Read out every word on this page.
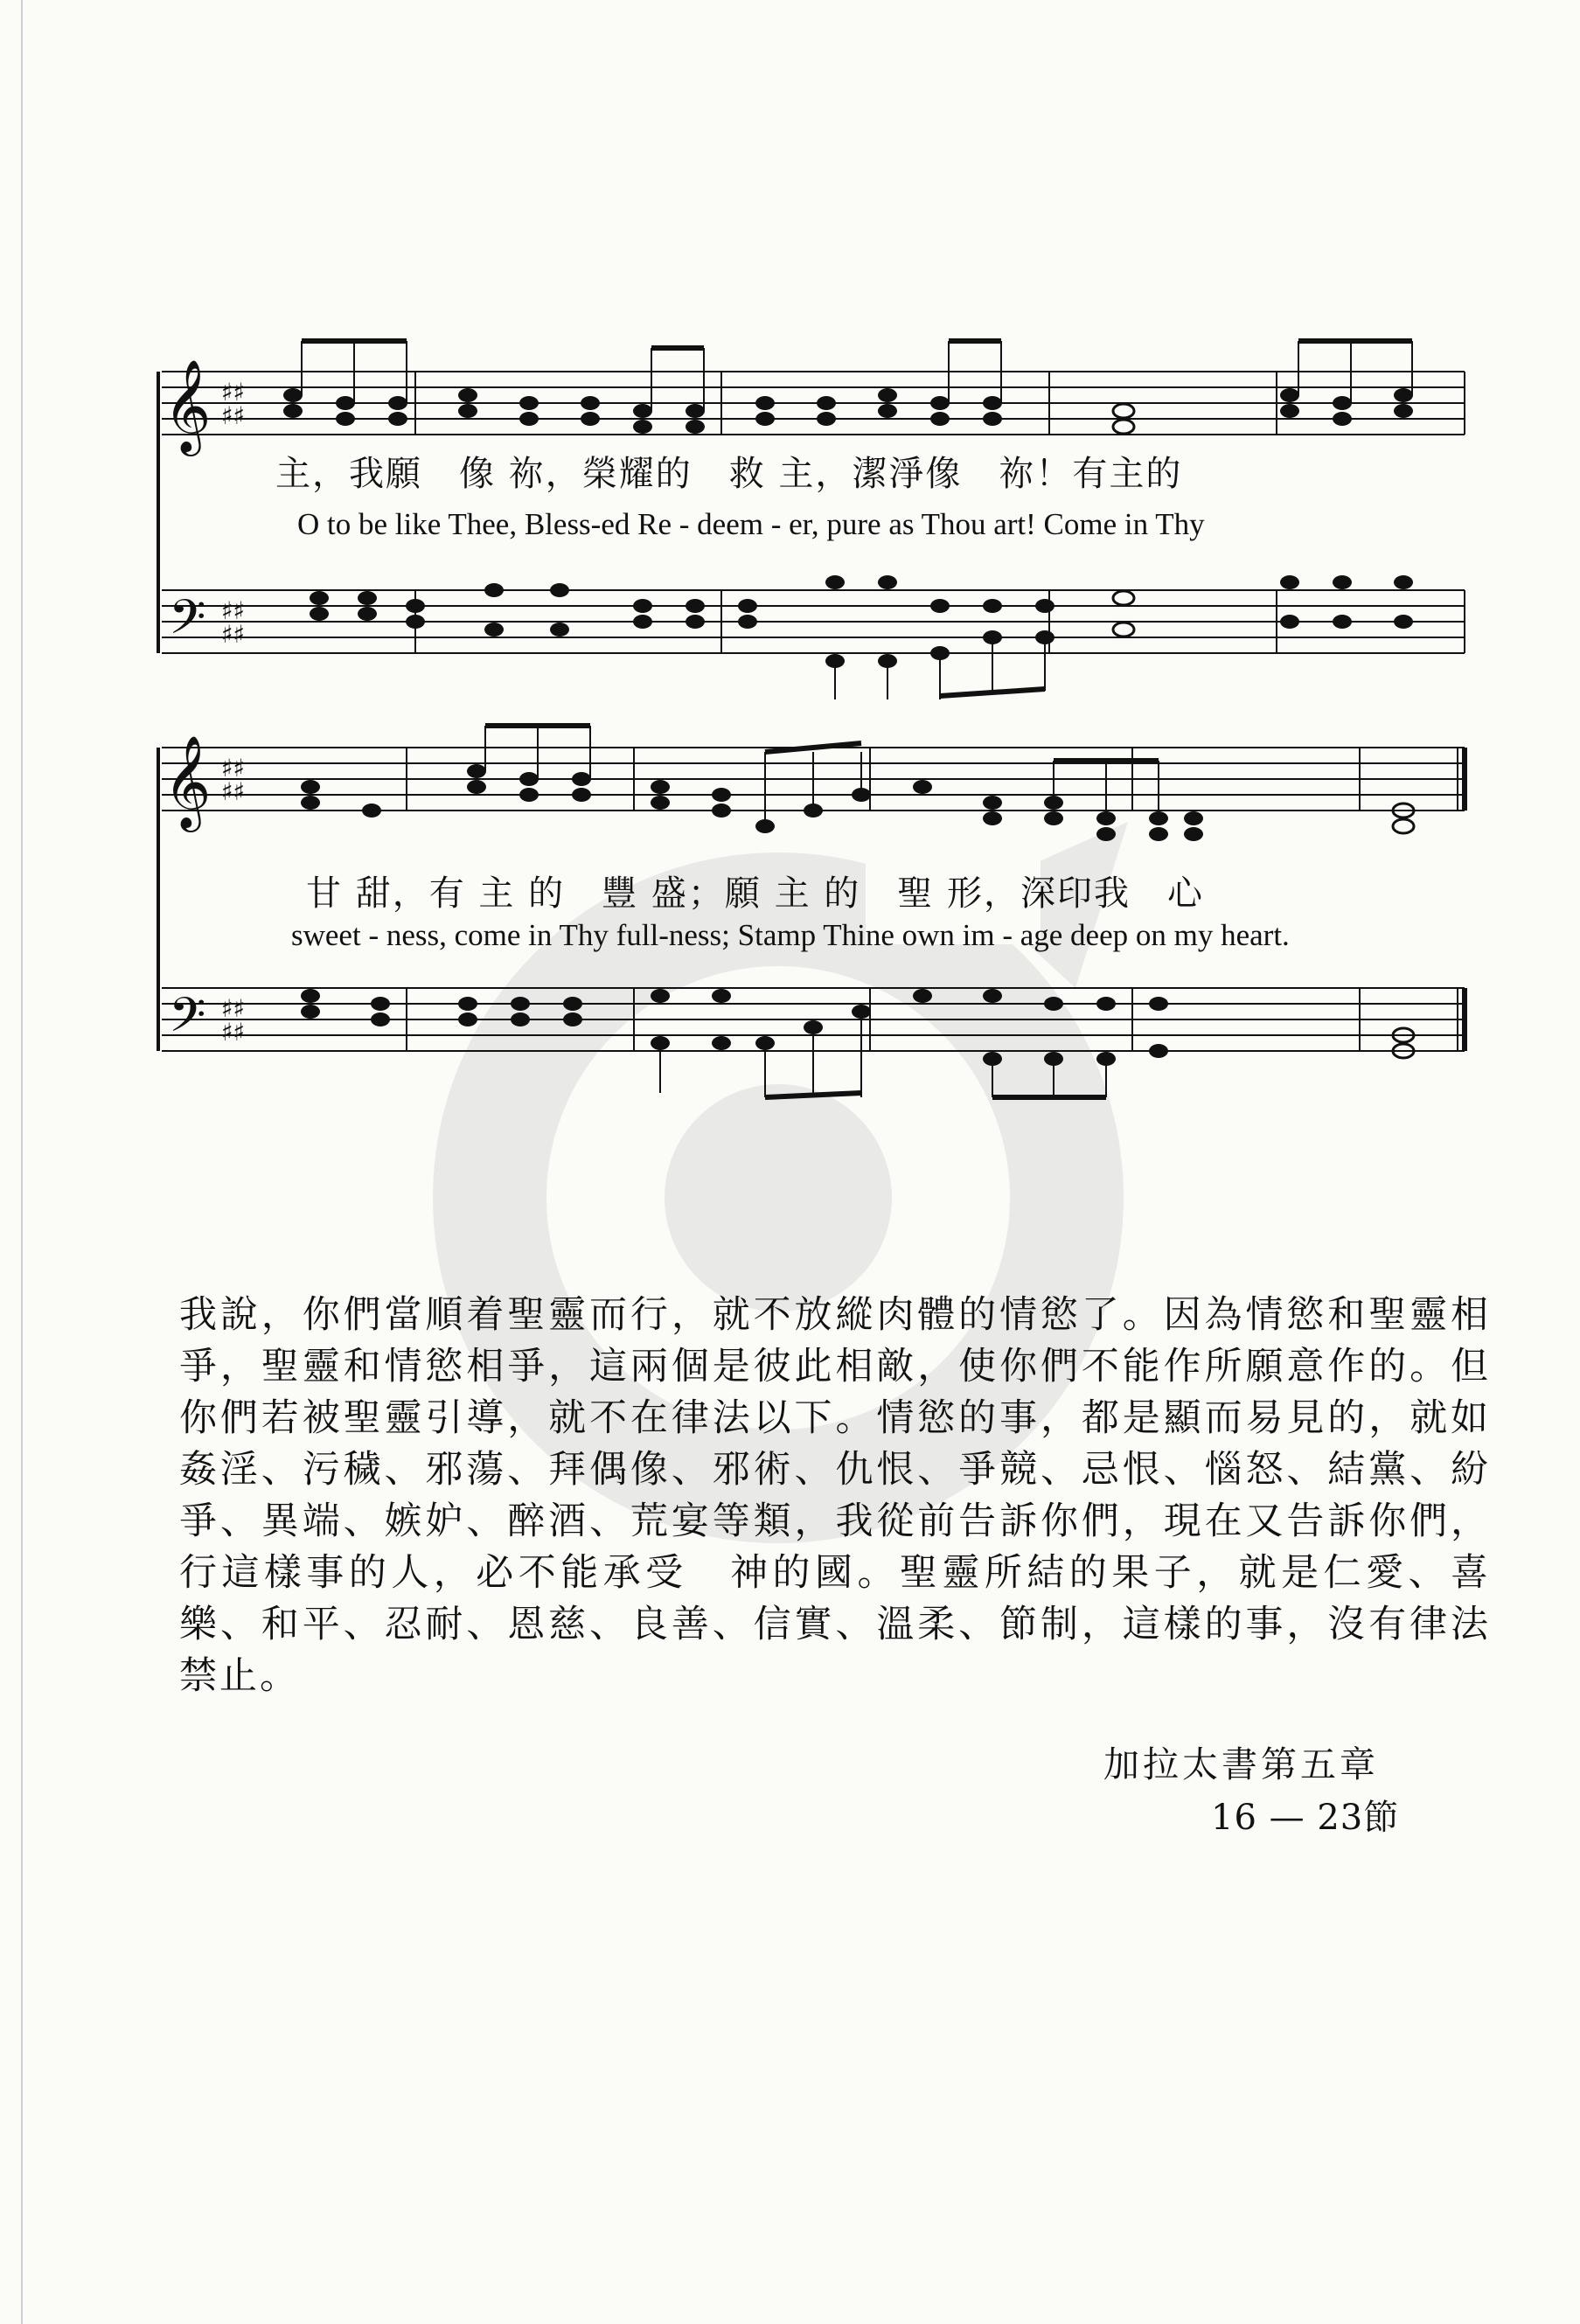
𝄞
𝄢
♯♯
♯♯
♯♯
♯♯
主，我願　像 祢，榮耀的　救 主，潔淨像　祢！有主的
O to be like Thee, Bless-ed Re - deem - er, pure as Thou art! Come in Thy
𝄞
𝄢
♯♯
♯♯
♯♯
♯♯
甘 甜，有 主 的　豐 盛；願 主 的　聖 形，深印我　心
sweet - ness, come in Thy full-ness; Stamp Thine own im - age deep on my heart.
我說，你們當順着聖靈而行，就不放縱肉體的情慾了。因為情慾和聖靈相爭，聖靈和情慾相爭，這兩個是彼此相敵，使你們不能作所願意作的。但你們若被聖靈引導，就不在律法以下。情慾的事，都是顯而易見的，就如姦淫、污穢、邪蕩、拜偶像、邪術、仇恨、爭競、忌恨、惱怒、結黨、紛爭、異端、嫉妒、醉酒、荒宴等類，我從前告訴你們，現在又告訴你們，行這樣事的人，必不能承受　神的國。聖靈所結的果子，就是仁愛、喜樂、和平、忍耐、恩慈、良善、信實、溫柔、節制，這樣的事，沒有律法禁止。
加拉太書第五章
16 — 23節
